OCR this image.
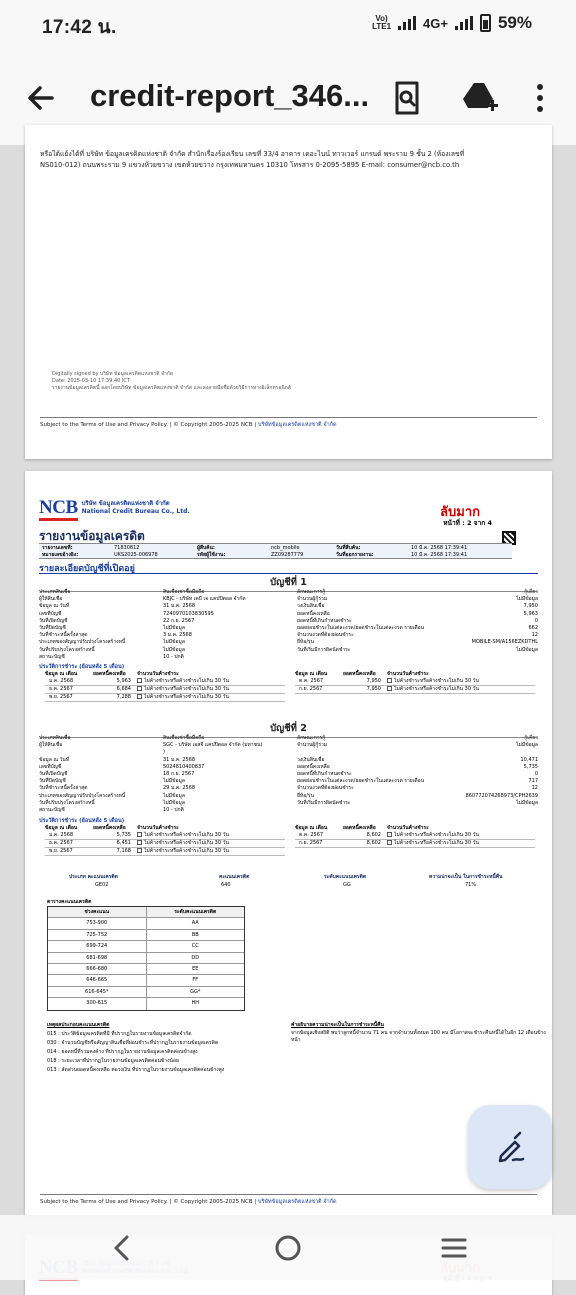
17:42 น.	Vo)
LTE1 4G+	59%
credit-report_346...
หรือได้แย้งได้ที่ บริษัท ข้อมูลเครดิตแห่งชาติ จำกัด สำนักเรื่องร้องเรียน เลขที่ 33/4 อาคาร เดอะไนน์ ทาวเวอร์ แกรนด์ พระราม 9 ชั้น 2 (ห้องเลขที่
NS010-012) ถนนพระราม 9 แขวงห้วยขวาง เขตห้วยขวาง กรุงเทพมหานคร 10310 โทรสาร 0-2095-5895 E-mail: consumer@ncb.co.th
Digitally signed by บริษัท ข้อมูลเครดิตแห่งชาติ จำกัด
Date: 2025-03-10 17:39:40 ICT
รายงานข้อมูลเครดิตนี้ ออกโดยบริษัท ข้อมูลเครดิตแห่งชาติ จำกัด และลงลายมือชื่อด้วยวิธีการทางอิเล็กทรอนิกส์
Subject to the Terms of Use and Privacy Policy. | © Copyright 2005-2025 NCB | บริษัทข้อมูลเครดิตแห่งชาติ จำกัด
NCB บริษัท ข้อมูลเครดิตแห่งชาติ จำกัด
National Credit Bureau Co., Ltd.	ลับมาก
หน้าที่ : 2 จาก 4
รายงานข้อมูลเครดิต
รายงานเลขที่:	71830812
หมายเลขอ้างอิง:	UKS2025-006978
ผู้สืบค้น:	ncb_mobile
รหัสผู้ใช้งาน:	ZZ09287779
วันที่สืบค้น:	10 มี.ค. 2568 17:39:41
วันที่ออกรายงาน:	10 มี.ค. 2568 17:39:41
รายละเอียดบัญชีที่เปิดอยู่
บัญชีที่ 1
ประเภทสินเชื่อ	สินเชื่อเช่าซื้อมือถือ	ลักษณะการกู้	กู้เดี่ยว
ผู้ให้สินเชื่อ	KBJC - บริษัท เคบี เจ แคปปิตอล จำกัด	จำนวนผู้กู้ร่วม	ไม่มีข้อมูล
ข้อมูล ณ วันที่	31 ม.ค. 2568	วงเงินสินเชื่อ	7,950
เลขที่บัญชี	7240970103830595	ยอดหนี้คงเหลือ	5,963
วันที่เปิดบัญชี	22 ก.ย. 2567	ยอดหนี้ที่เกินกำหนดชำระ	0
วันที่ปิดบัญชี	ไม่มีข้อมูล	ยอดผ่อนชำระในแต่ละงวด/ยอดชำระในแต่ละงวด รายเดือน	662
วันที่ชำระหนี้ครั้งล่าสุด	3 ม.ค. 2568	จำนวนงวดที่ต้องผ่อนชำระ	12
ประเภทของสัญญาปรับปรุงโครงสร้างหนี้	ไม่มีข้อมูล	ยี่ห้อ/รุ่น	MOBILE-SM/A156EZKDTHL
วันที่ปรับปรุงโครงสร้างหนี้	ไม่มีข้อมูล	วันที่เริ่มมีการผิดนัดชำระ	ไม่มีข้อมูล
สถานะบัญชี	10 - ปกติ
ประวัติการชำระ (ย้อนหลัง 5 เดือน)
ข้อมูล ณ เดือน	ยอดหนี้คงเหลือ จำนวนวันค้างชำระ
ม.ค. 2568	5,963	ไม่ค้างชำระหรือค้างชำระไม่เกิน 30 วัน
ธ.ค. 2567	6,684	ไม่ค้างชำระหรือค้างชำระไม่เกิน 30 วัน
พ.ย. 2567	7,288	ไม่ค้างชำระหรือค้างชำระไม่เกิน 30 วัน
ข้อมูล ณ เดือน	ยอดหนี้คงเหลือ จำนวนวันค้างชำระ
ต.ค. 2567	7,950	ไม่ค้างชำระหรือค้างชำระไม่เกิน 30 วัน
ก.ย. 2567	7,950	ไม่ค้างชำระหรือค้างชำระไม่เกิน 30 วัน
บัญชีที่ 2
ประเภทสินเชื่อ	สินเชื่อเช่าซื้อมือถือ	ลักษณะการกู้	กู้เดี่ยว
ผู้ให้สินเชื่อ	SGC - บริษัท เอสจี แคปปิตอล จำกัด (มหาชน)	จำนวนผู้กู้ร่วม	ไม่มีข้อมูล
)
ข้อมูล ณ วันที่	31 ม.ค. 2568	วงเงินสินเชื่อ	10,471
เลขที่บัญชี	5024810400837	ยอดหนี้คงเหลือ	5,735
วันที่เปิดบัญชี	18 ก.ย. 2567	ยอดหนี้ที่เกินกำหนดชำระ	0
วันที่ปิดบัญชี	ไม่มีข้อมูล	ยอดผ่อนชำระในแต่ละงวด/ยอดชำระในแต่ละงวด รายเดือน	717
วันที่ชำระหนี้ครั้งล่าสุด	29 ม.ค. 2568	จำนวนงวดที่ต้องผ่อนชำระ	12
ประเภทของสัญญาปรับปรุงโครงสร้างหนี้	ไม่มีข้อมูล	ยี่ห้อ/รุ่น	860772074268973/CPH2639
วันที่ปรับปรุงโครงสร้างหนี้	ไม่มีข้อมูล	วันที่เริ่มมีการผิดนัดชำระ	ไม่มีข้อมูล
สถานะบัญชี	10 - ปกติ
ประวัติการชำระ (ย้อนหลัง 5 เดือน)
ข้อมูล ณ เดือน	ยอดหนี้คงเหลือ จำนวนวันค้างชำระ
ม.ค. 2568	5,735	ไม่ค้างชำระหรือค้างชำระไม่เกิน 30 วัน
ธ.ค. 2567	6,451	ไม่ค้างชำระหรือค้างชำระไม่เกิน 30 วัน
พ.ย. 2567	7,168	ไม่ค้างชำระหรือค้างชำระไม่เกิน 30 วัน
ข้อมูล ณ เดือน	ยอดหนี้คงเหลือ จำนวนวันค้างชำระ
ต.ค. 2567	8,602	ไม่ค้างชำระหรือค้างชำระไม่เกิน 30 วัน
ก.ย. 2567	8,602	ไม่ค้างชำระหรือค้างชำระไม่เกิน 30 วัน
ประเภท คะแนนเครดิต	คะแนนเครดิต	ระดับคะแนนเครดิต	ความน่าจะเป็น ในการชำระหนี้คืน
GE02	640	GG	71%
ตารางคะแนนเครดิต
ช่วงคะแนน	ระดับคะแนนเครดิต
753-900	AA
725-752	BB
699-724	CC
681-698	DD
666-680	EE
646-665	FF
616-645*	GG*
300-615	HH
เหตุผลประกอบคะแนนเครดิต
015 : ประวัติข้อมูลเครดิตที่มี ที่ปรากฏในรายงานข้อมูลเครดิตจำกัด
030 : จำนวนบัญชีหรือสัญญาสินเชื่อที่ผ่อนชำระที่ปรากฏในรายงานข้อมูลเครดิต
014 : ยอดหนี้ที่รวมคงค้าง ที่ปรากฏในรายงานข้อมูลเครดิตค่อนข้างสูง
018 : ระยะเวลาที่ปรากฏในรายงานข้อมูลเครดิตค่อนข้างน้อย
013 : สัดส่วนยอดหนี้คงเหลือ ต่อวงเงิน ที่ปรากฏในรายงานข้อมูลเครดิตค่อนข้างสูง
คำอธิบายความน่าจะเป็นในการชำระหนี้คืน
จากข้อมูลเชิงสถิติ พบว่าลูกหนี้จำนวน 71 คน จากจำนวนทั้งหมด 100 คน มีโอกาสจะชำระคืนหนี้ได้ในอีก 12 เดือนข้างหน้า
Subject to the Terms of Use and Privacy Policy. | © Copyright 2005-2025 NCB | บริษัทข้อมูลเครดิตแห่งชาติ จำกัด
